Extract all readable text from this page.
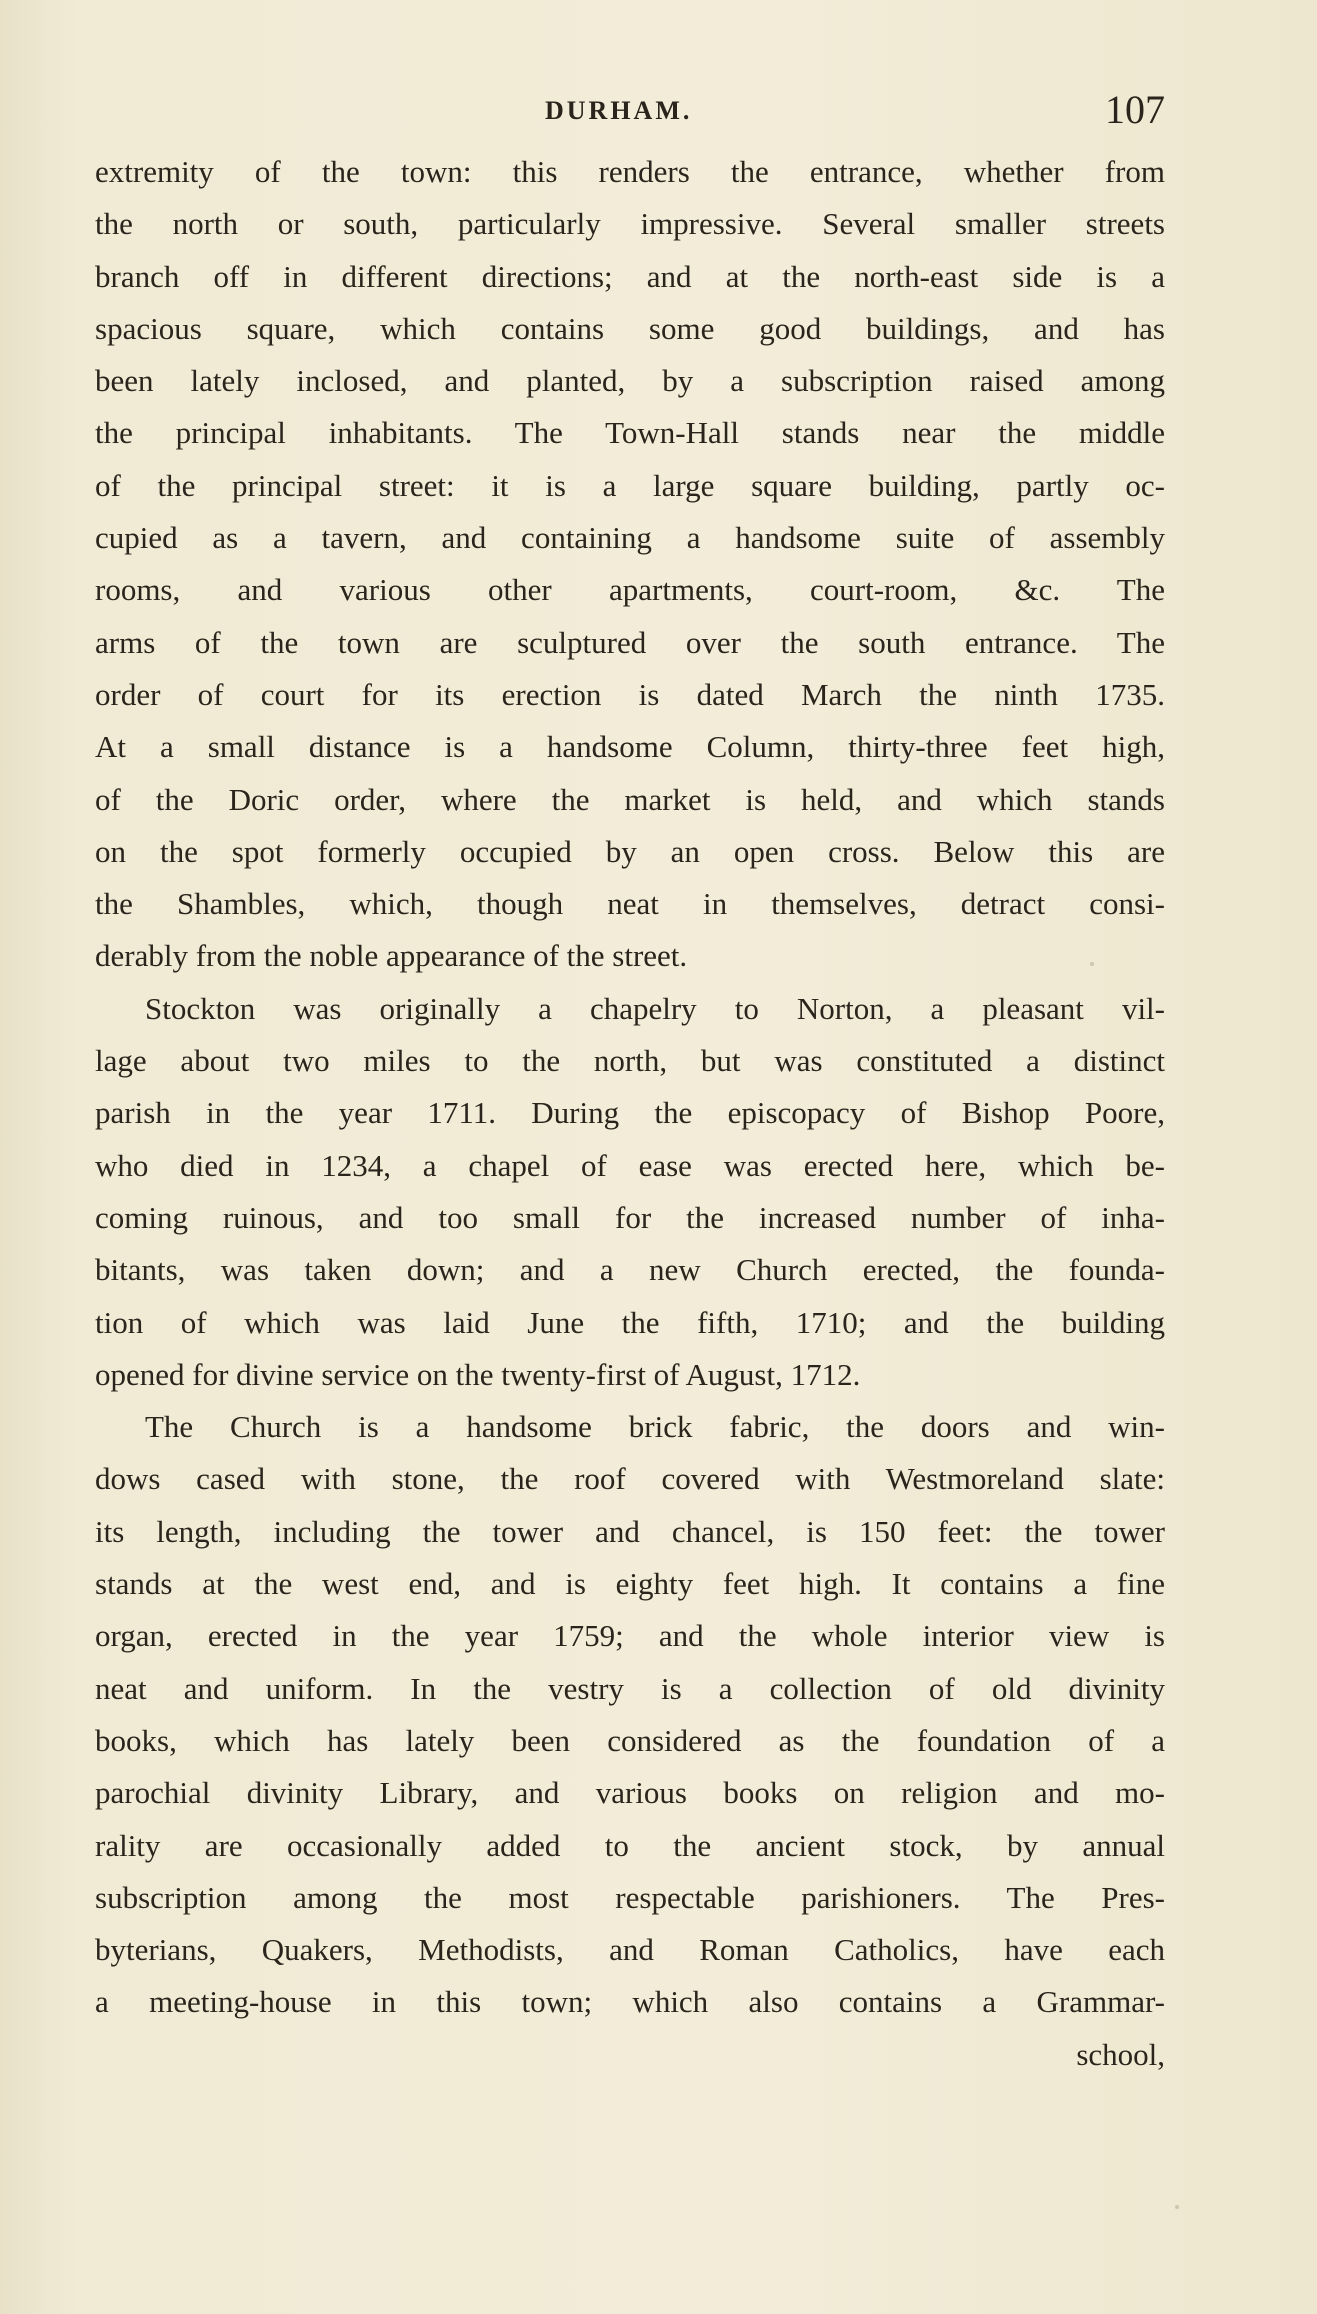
DURHAM.	107
extremity of the town: this renders the entrance, whether from
the north or south, particularly impressive. Several smaller streets
branch off in different directions; and at the north-east side is a
spacious square, which contains some good buildings, and has
been lately inclosed, and planted, by a subscription raised among
the principal inhabitants. The Town-Hall stands near the middle
of the principal street: it is a large square building, partly oc-
cupied as a tavern, and containing a handsome suite of assembly
rooms, and various other apartments, court-room, &c. The
arms of the town are sculptured over the south entrance. The
order of court for its erection is dated March the ninth 1735.
At a small distance is a handsome Column, thirty-three feet high,
of the Doric order, where the market is held, and which stands
on the spot formerly occupied by an open cross. Below this are
the Shambles, which, though neat in themselves, detract consi-
derably from the noble appearance of the street.
Stockton was originally a chapelry to Norton, a pleasant vil-
lage about two miles to the north, but was constituted a distinct
parish in the year 1711. During the episcopacy of Bishop Poore,
who died in 1234, a chapel of ease was erected here, which be-
coming ruinous, and too small for the increased number of inha-
bitants, was taken down; and a new Church erected, the founda-
tion of which was laid June the fifth, 1710; and the building
opened for divine service on the twenty-first of August, 1712.
The Church is a handsome brick fabric, the doors and win-
dows cased with stone, the roof covered with Westmoreland slate:
its length, including the tower and chancel, is 150 feet: the tower
stands at the west end, and is eighty feet high. It contains a fine
organ, erected in the year 1759; and the whole interior view is
neat and uniform. In the vestry is a collection of old divinity
books, which has lately been considered as the foundation of a
parochial divinity Library, and various books on religion and mo-
rality are occasionally added to the ancient stock, by annual
subscription among the most respectable parishioners. The Pres-
byterians, Quakers, Methodists, and Roman Catholics, have each
a meeting-house in this town; which also contains a Grammar-
school,
